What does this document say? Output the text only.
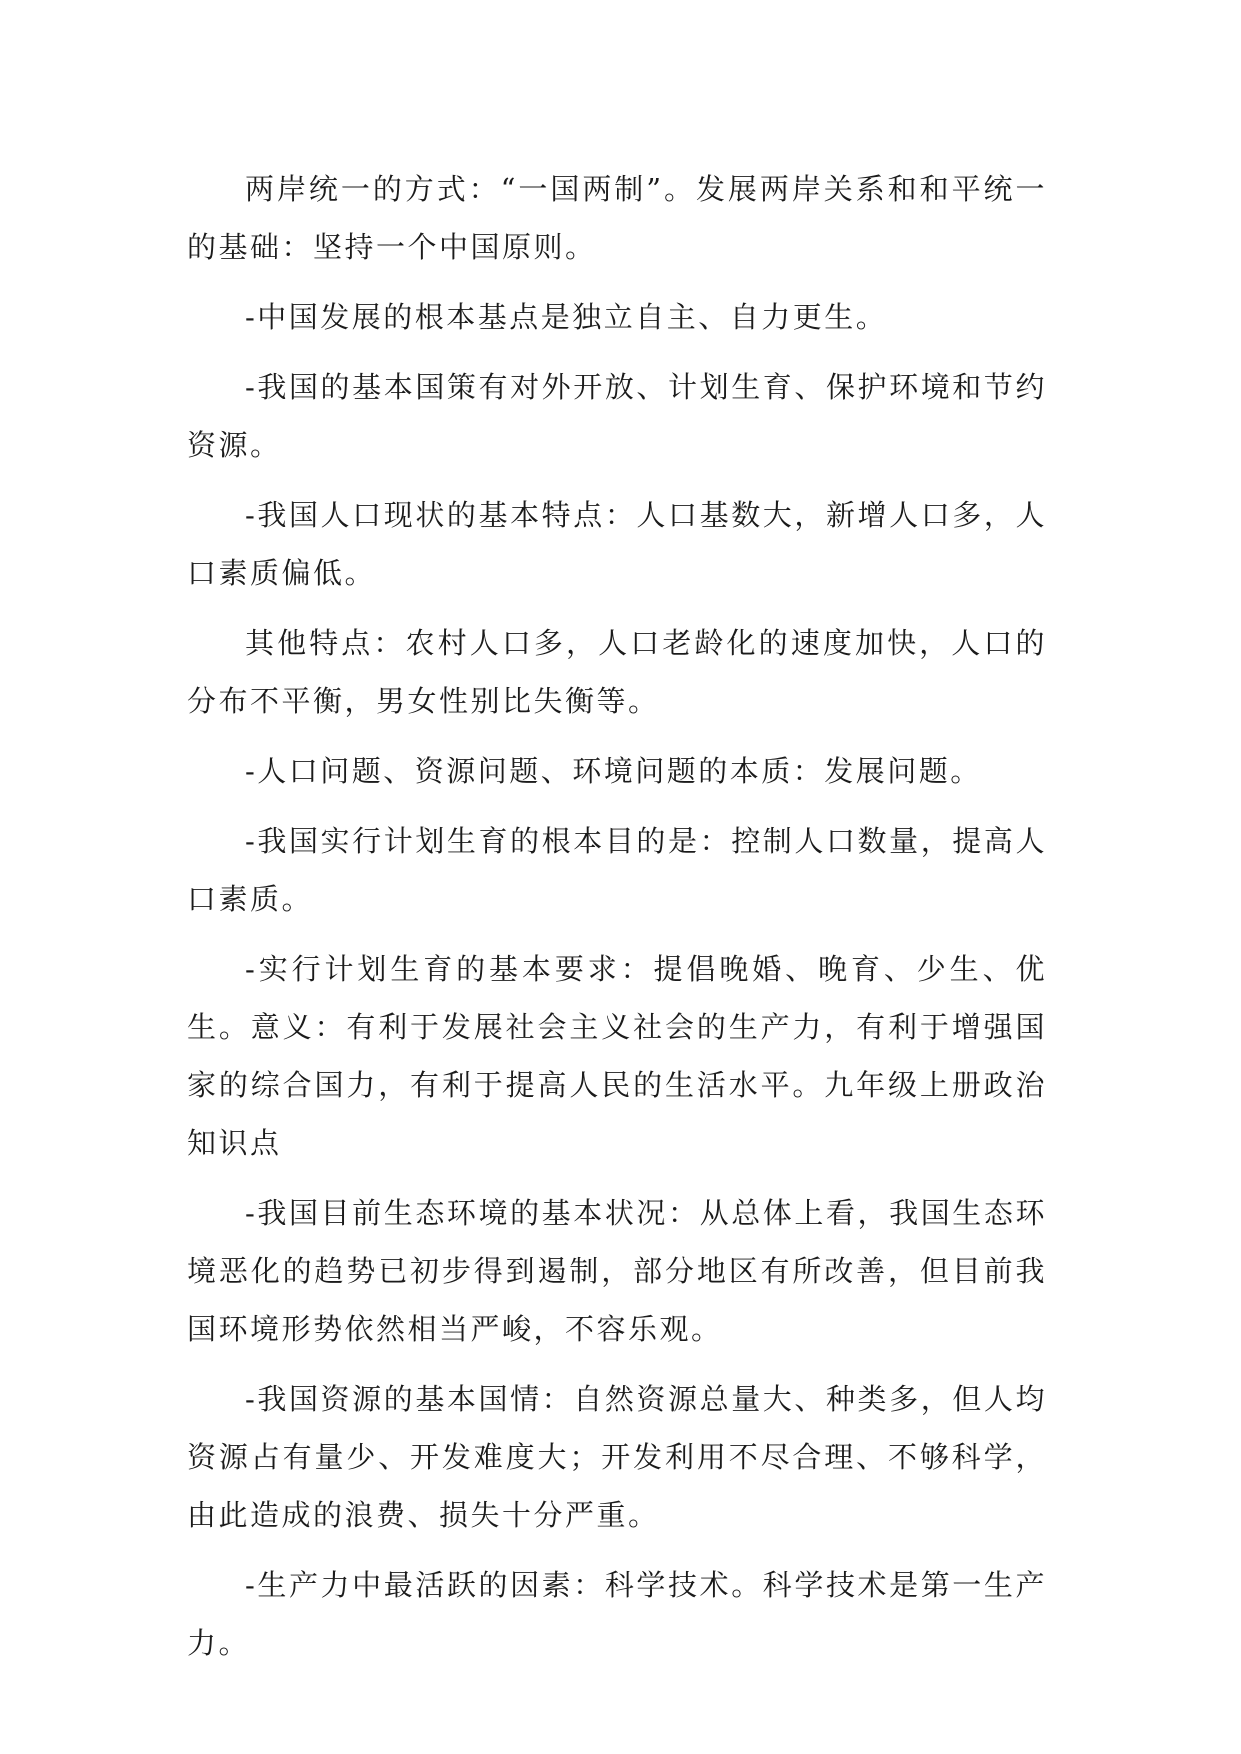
两岸统一的方式：“一国两制”。发展两岸关系和和平统一的基础：坚持一个中国原则。

-中国发展的根本基点是独立自主、自力更生。

-我国的基本国策有对外开放、计划生育、保护环境和节约资源。

-我国人口现状的基本特点：人口基数大，新增人口多，人口素质偏低。

其他特点：农村人口多，人口老龄化的速度加快，人口的分布不平衡，男女性别比失衡等。

-人口问题、资源问题、环境问题的本质：发展问题。

-我国实行计划生育的根本目的是：控制人口数量，提高人口素质。

-实行计划生育的基本要求：提倡晚婚、晚育、少生、优生。意义：有利于发展社会主义社会的生产力，有利于增强国家的综合国力，有利于提高人民的生活水平。九年级上册政治知识点

-我国目前生态环境的基本状况：从总体上看，我国生态环境恶化的趋势已初步得到遏制，部分地区有所改善，但目前我国环境形势依然相当严峻，不容乐观。

-我国资源的基本国情：自然资源总量大、种类多，但人均资源占有量少、开发难度大；开发利用不尽合理、不够科学，由此造成的浪费、损失十分严重。

-生产力中最活跃的因素：科学技术。科学技术是第一生产力。
